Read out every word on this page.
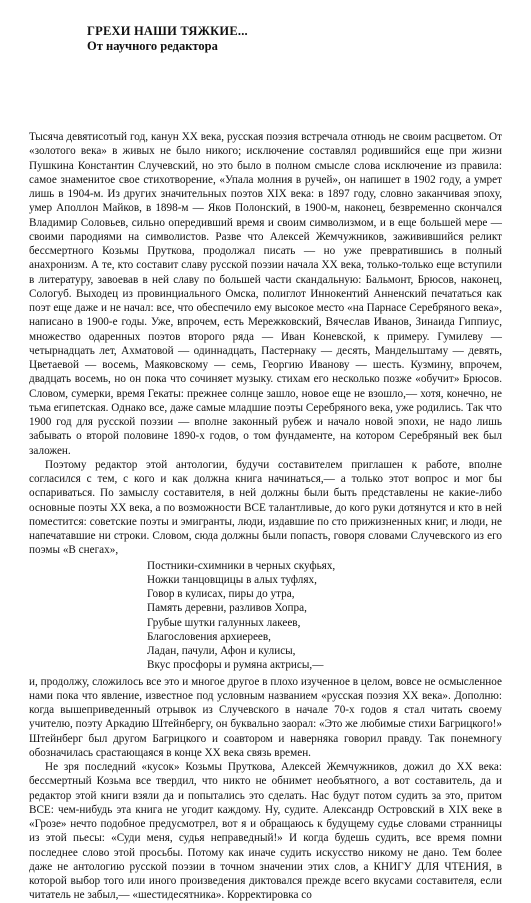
ГРЕХИ НАШИ ТЯЖКИЕ...
От научного редактора

Тысяча девятисотый год, канун XX века, русская поэзия встречала отнюдь не своим расцветом. От «золотого века» в живых не было никого; исключение составлял родившийся еще при жизни Пушкина Константин Случевский, но это было в полном смысле слова исключение из правила: самое знаменитое свое стихотворение, «Упала молния в ручей», он напишет в 1902 году, а умрет лишь в 1904-м. Из других значительных поэтов XIX века: в 1897 году, словно заканчивая эпоху, умер Аполлон Майков, в 1898-м — Яков Полонский, в 1900-м, наконец, безвременно скончался Владимир Соловьев, сильно опередивший время и своим символизмом, и в еще большей мере — своими пародиями на символистов. Разве что Алексей Жемчужников, заживившийся реликт бессмертного Козьмы Пруткова, продолжал писать — но уже превратившись в полный анахронизм. А те, кто составит славу русской поэзии начала XX века, только-только еще вступили в литературу, завоевав в ней славу по большей части скандальную: Бальмонт, Брюсов, наконец, Сологуб. Выходец из провинциального Омска, полиглот Иннокентий Анненский печататься как поэт еще даже и не начал: все, что обеспечило ему высокое место «на Парнасе Серебряного века», написано в 1900-е годы. Уже, впрочем, есть Мережковский, Вячеслав Иванов, Зинаида Гиппиус, множество одаренных поэтов второго ряда — Иван Коневской, к примеру. Гумилеву — четырнадцать лет, Ахматовой — одиннадцать, Пастернаку — десять, Мандельштаму — девять, Цветаевой — восемь, Маяковскому — семь, Георгию Иванову — шесть. Кузмину, впрочем, двадцать восемь, но он пока что сочиняет музыку. стихам его несколько позже «обучит» Брюсов. Словом, сумерки, время Гекаты: прежнее солнце зашло, новое еще не взошло,— хотя, конечно, не тьма египетская. Однако все, даже самые младшие поэты Серебряного века, уже родились. Так что 1900 год для русской поэзии — вполне законный рубеж и начало новой эпохи, не надо лишь забывать о второй половине 1890-х годов, о том фундаменте, на котором Серебряный век был заложен.

Поэтому редактор этой антологии, будучи составителем приглашен к работе, вполне согласился с тем, с кого и как должна книга начинаться,— а только этот вопрос и мог бы оспариваться. По замыслу составителя, в ней должны были быть представлены не какие-либо основные поэты XX века, а по возможности ВСЕ талантливые, до кого руки дотянутся и кто в ней поместится: советские поэты и эмигранты, люди, издавшие по сто прижизненных книг, и люди, не напечатавшие ни строки. Словом, сюда должны были попасть, говоря словами Случевского из его поэмы «В снегах»,

Постники-схимники в черных скуфьях,
Ножки танцовщицы в алых туфлях,
Говор в кулисах, пиры до утра,
Память деревни, разливов Хопра,
Грубые шутки галунных лакеев,
Благословения архиереев,
Ладан, пачули, Афон и кулисы,
Вкус просфоры и румяна актрисы,—

и, продолжу, сложилось все это и многое другое в плохо изученное в целом, вовсе не осмысленное нами пока что явление, известное под условным названием «русская поэзия XX века». Дополню: когда вышеприведенный отрывок из Случевского в начале 70-х годов я стал читать своему учителю, поэту Аркадию Штейнбергу, он буквально заорал: «Это же любимые стихи Багрицкого!» Штейнберг был другом Багрицкого и соавтором и наверняка говорил правду. Так понемногу обозначилась срастающаяся в конце XX века связь времен.

Не зря последний «кусок» Козьмы Пруткова, Алексей Жемчужников, дожил до XX века: бессмертный Козьма все твердил, что никто не обнимет необъятного, а вот составитель, да и редактор этой книги взяли да и попытались это сделать. Нас будут потом судить за это, притом ВСЕ: чем-нибудь эта книга не угодит каждому. Ну, судите. Александр Островский в XIX веке в «Грозе» нечто подобное предусмотрел, вот я и обращаюсь к будущему судье словами странницы из этой пьесы: «Суди меня, судья неправедный!» И когда будешь судить, все время помни последнее слово этой просьбы. Потому как иначе судить искусство никому не дано. Тем более даже не антологию русской поэзии в точном значении этих слов, а КНИГУ ДЛЯ ЧТЕНИЯ, в которой выбор того или иного произведения диктовался прежде всего вкусами составителя, если читатель не забыл,— «шестидесятника». Корректировка со
